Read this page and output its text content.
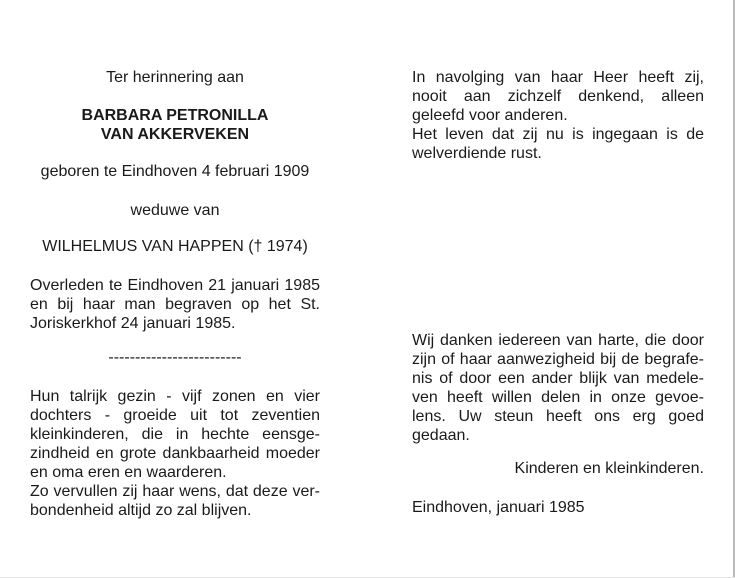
Ter herinnering aan

BARBARA PETRONILLA
VAN AKKERVEKEN

geboren te Eindhoven 4 februari 1909

weduwe van

WILHELMUS VAN HAPPEN († 1974)

Overleden te Eindhoven 21 januari 1985
en bij haar man begraven op het St.
Joriskerkhof 24 januari 1985.

-------------------------

Hun talrijk gezin - vijf zonen en vier
dochters - groeide uit tot zeventien
kleinkinderen, die in hechte eensge-
zindheid en grote dankbaarheid moeder
en oma eren en waarderen.
Zo vervullen zij haar wens, dat deze ver-
bondenheid altijd zo zal blijven.
In navolging van haar Heer heeft zij,
nooit aan zichzelf denkend, alleen
geleefd voor anderen.
Het leven dat zij nu is ingegaan is de
welverdiende rust.
Wij danken iedereen van harte, die door
zijn of haar aanwezigheid bij de begrafe-
nis of door een ander blijk van medele-
ven heeft willen delen in onze gevoe-
lens. Uw steun heeft ons erg goed
gedaan.

Kinderen en kleinkinderen.

Eindhoven, januari 1985
